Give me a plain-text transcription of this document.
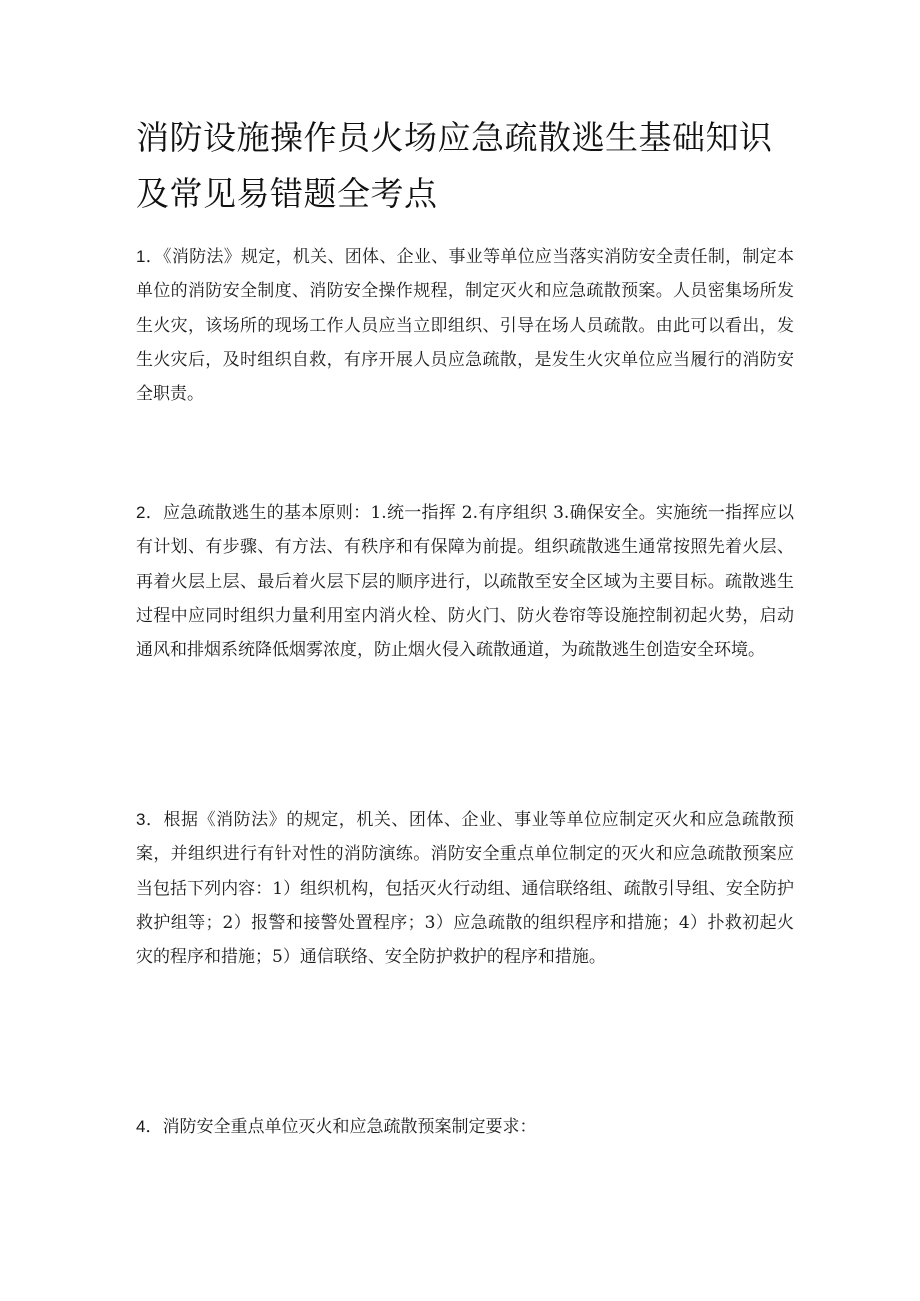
消防设施操作员火场应急疏散逃生基础知识及常见易错题全考点

1．《消防法》规定，机关、团体、企业、事业等单位应当落实消防安全责任制，制定本单位的消防安全制度、消防安全操作规程，制定灭火和应急疏散预案。人员密集场所发生火灾，该场所的现场工作人员应当立即组织、引导在场人员疏散。由此可以看出，发生火灾后，及时组织自救，有序开展人员应急疏散，是发生火灾单位应当履行的消防安全职责。

2．应急疏散逃生的基本原则：1.统一指挥 2.有序组织 3.确保安全。实施统一指挥应以有计划、有步骤、有方法、有秩序和有保障为前提。组织疏散逃生通常按照先着火层、再着火层上层、最后着火层下层的顺序进行，以疏散至安全区域为主要目标。疏散逃生过程中应同时组织力量利用室内消火栓、防火门、防火卷帘等设施控制初起火势，启动通风和排烟系统降低烟雾浓度，防止烟火侵入疏散通道，为疏散逃生创造安全环境。

3．根据《消防法》的规定，机关、团体、企业、事业等单位应制定灭火和应急疏散预案，并组织进行有针对性的消防演练。消防安全重点单位制定的灭火和应急疏散预案应当包括下列内容：1）组织机构，包括灭火行动组、通信联络组、疏散引导组、安全防护救护组等；2）报警和接警处置程序；3）应急疏散的组织程序和措施；4）扑救初起火灾的程序和措施；5）通信联络、安全防护救护的程序和措施。

4．消防安全重点单位灭火和应急疏散预案制定要求：
